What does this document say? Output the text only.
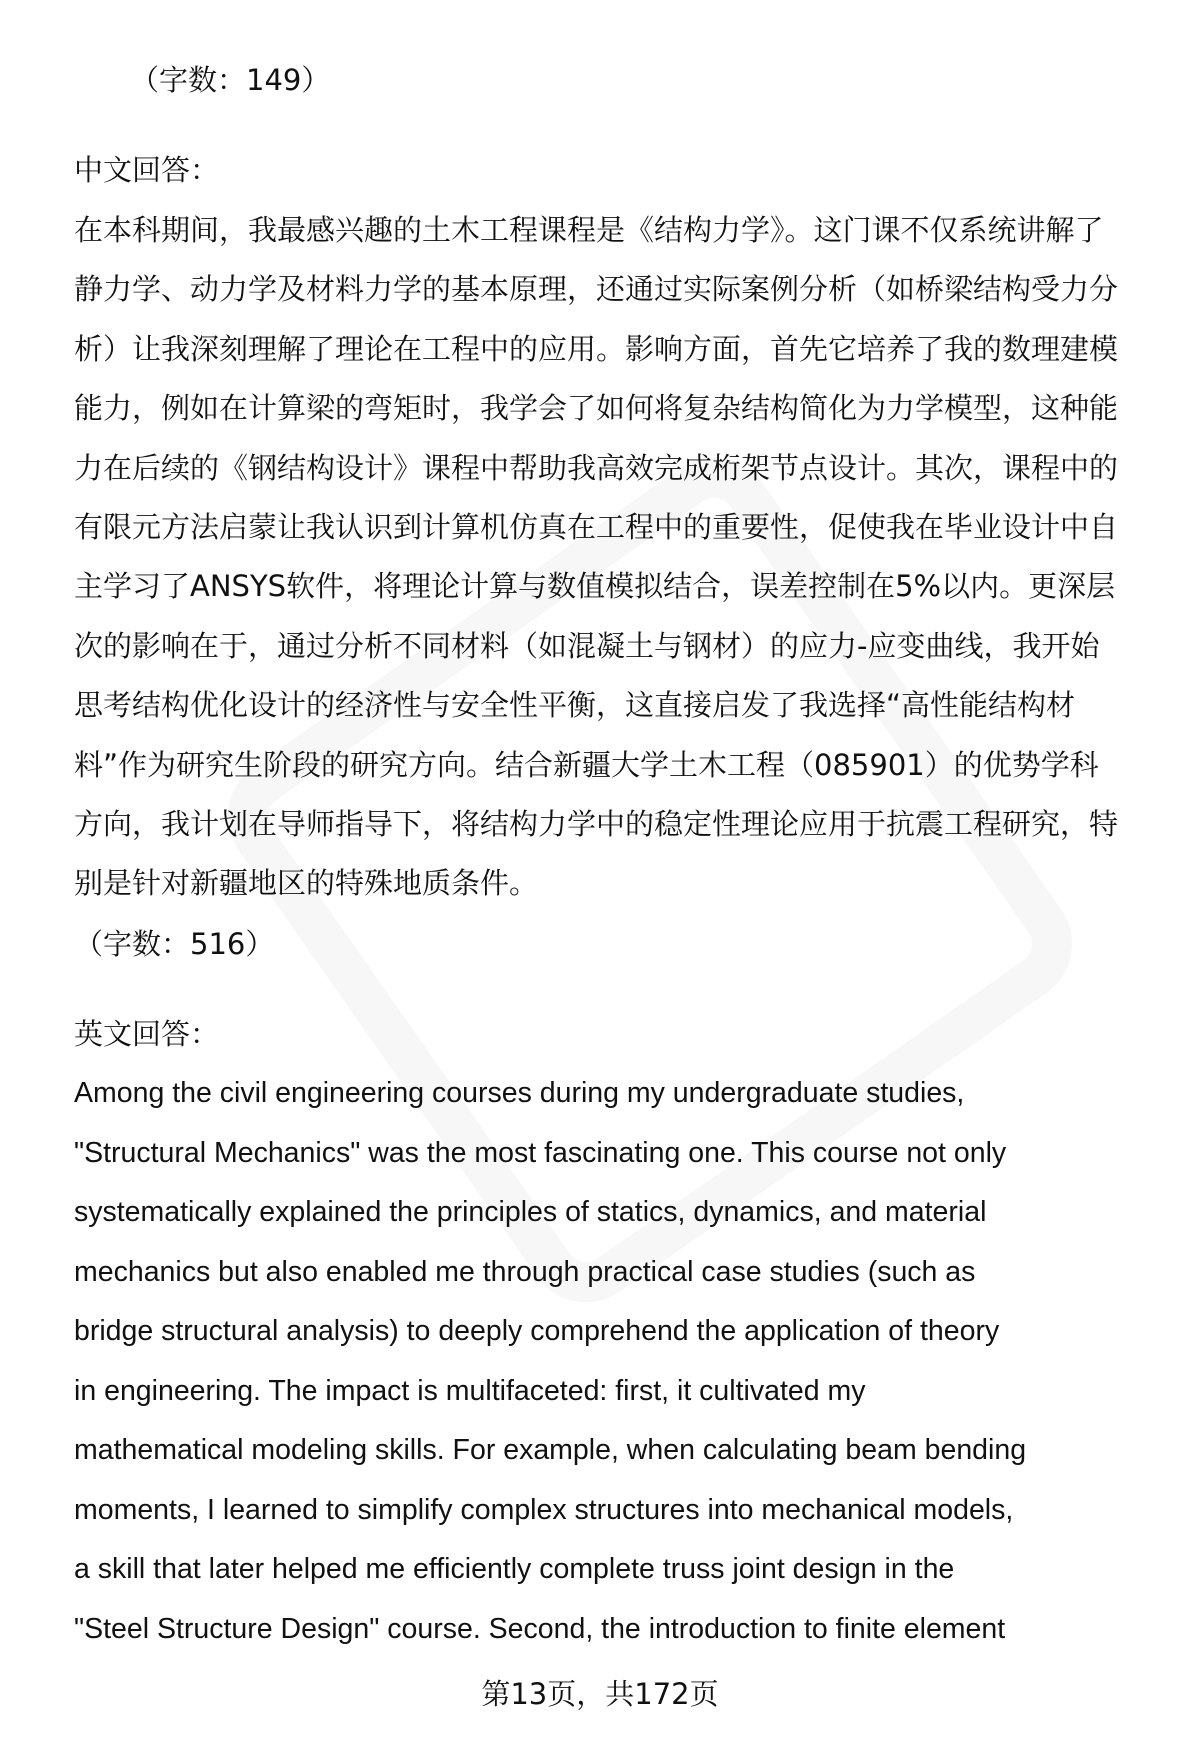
（字数：149）
中文回答：
在本科期间，我最感兴趣的土木工程课程是《结构力学》。这门课不仅系统讲解了
静力学、动力学及材料力学的基本原理，还通过实际案例分析（如桥梁结构受力分
析）让我深刻理解了理论在工程中的应用。影响方面，首先它培养了我的数理建模
能力，例如在计算梁的弯矩时，我学会了如何将复杂结构简化为力学模型，这种能
力在后续的《钢结构设计》课程中帮助我高效完成桁架节点设计。其次，课程中的
有限元方法启蒙让我认识到计算机仿真在工程中的重要性，促使我在毕业设计中自
主学习了ANSYS软件，将理论计算与数值模拟结合，误差控制在5%以内。更深层
次的影响在于，通过分析不同材料（如混凝土与钢材）的应力-应变曲线，我开始
思考结构优化设计的经济性与安全性平衡，这直接启发了我选择“高性能结构材
料”作为研究生阶段的研究方向。结合新疆大学土木工程（085901）的优势学科
方向，我计划在导师指导下，将结构力学中的稳定性理论应用于抗震工程研究，特
别是针对新疆地区的特殊地质条件。
（字数：516）
英文回答：
Among the civil engineering courses during my undergraduate studies,
"Structural Mechanics" was the most fascinating one. This course not only
systematically explained the principles of statics, dynamics, and material
mechanics but also enabled me through practical case studies (such as
bridge structural analysis) to deeply comprehend the application of theory
in engineering. The impact is multifaceted: first, it cultivated my
mathematical modeling skills. For example, when calculating beam bending
moments, I learned to simplify complex structures into mechanical models,
a skill that later helped me efficiently complete truss joint design in the
"Steel Structure Design" course. Second, the introduction to finite element
第13页，共172页
